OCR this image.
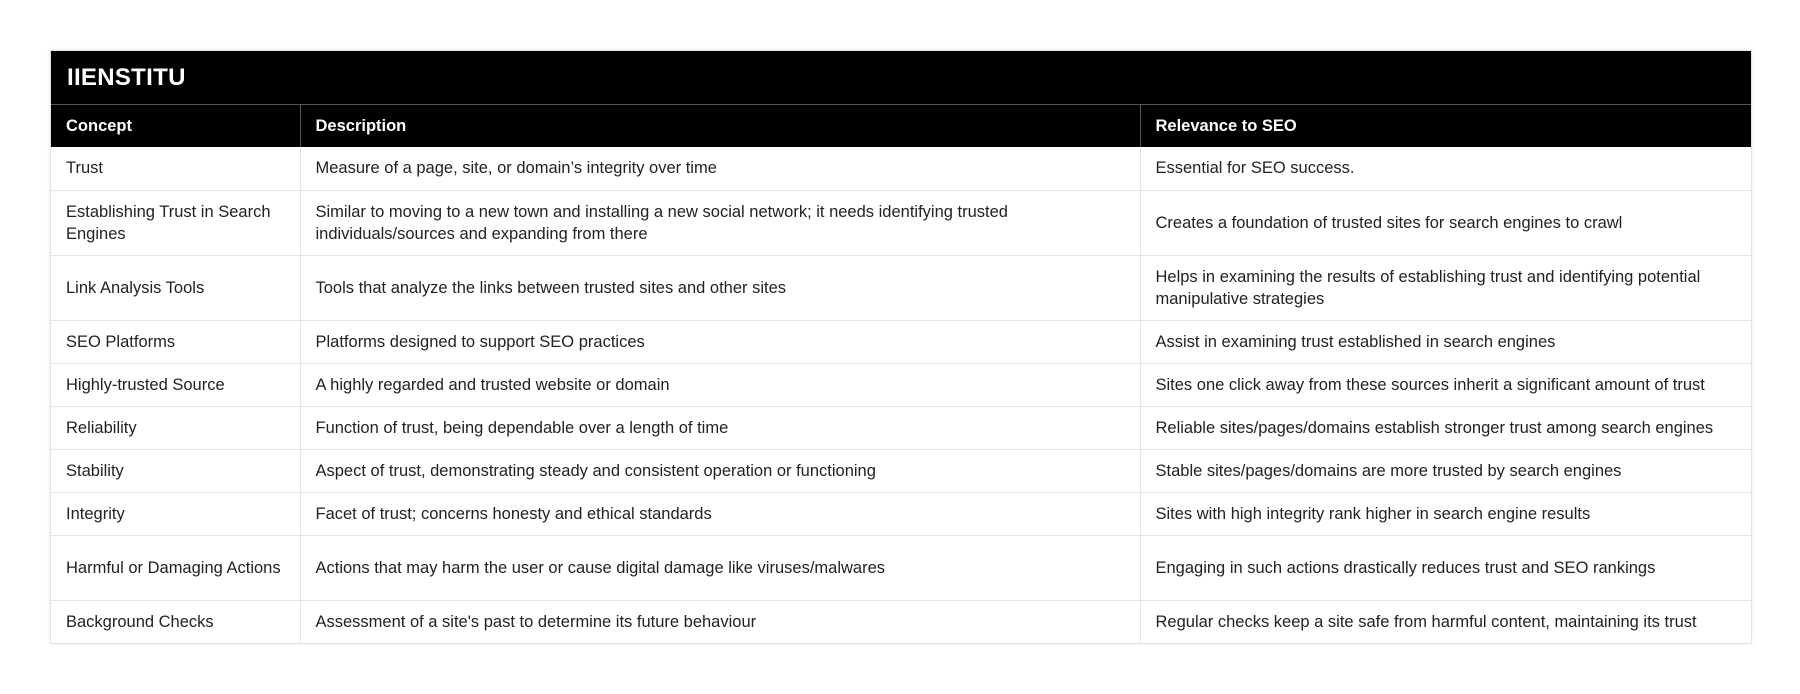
IIENSTITU
Concept	Description	Relevance to SEO
Trust	Measure of a page, site, or domain’s integrity over time	Essential for SEO success.
Establishing Trust in Search Engines	Similar to moving to a new town and installing a new social network; it needs identifying trusted individuals/sources and expanding from there	Creates a foundation of trusted sites for search engines to crawl
Link Analysis Tools	Tools that analyze the links between trusted sites and other sites	Helps in examining the results of establishing trust and identifying potential manipulative strategies
SEO Platforms	Platforms designed to support SEO practices	Assist in examining trust established in search engines
Highly-trusted Source	A highly regarded and trusted website or domain	Sites one click away from these sources inherit a significant amount of trust
Reliability	Function of trust, being dependable over a length of time	Reliable sites/pages/domains establish stronger trust among search engines
Stability	Aspect of trust, demonstrating steady and consistent operation or functioning	Stable sites/pages/domains are more trusted by search engines
Integrity	Facet of trust; concerns honesty and ethical standards	Sites with high integrity rank higher in search engine results
Harmful or Damaging Actions	Actions that may harm the user or cause digital damage like viruses/malwares	Engaging in such actions drastically reduces trust and SEO rankings
Background Checks	Assessment of a site's past to determine its future behaviour	Regular checks keep a site safe from harmful content, maintaining its trust
